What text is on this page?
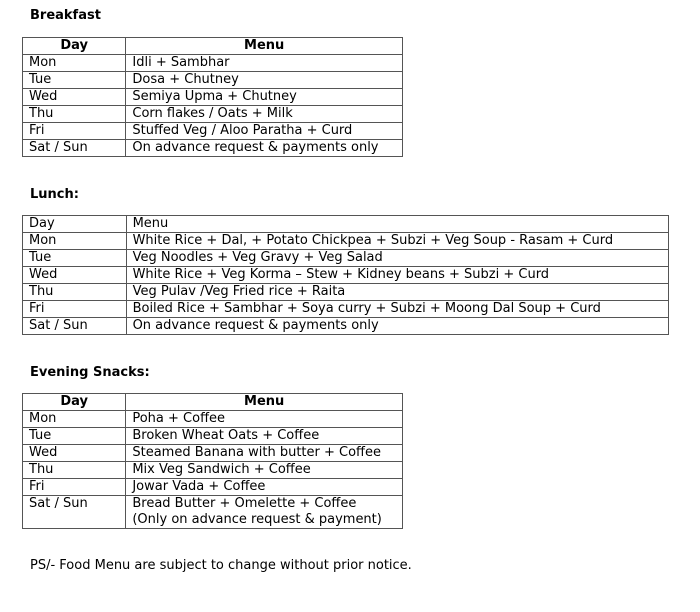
Breakfast
Day	Menu
Mon	Idli + Sambhar
Tue	Dosa + Chutney
Wed	Semiya Upma + Chutney
Thu	Corn flakes / Oats + Milk
Fri	Stuffed Veg / Aloo Paratha + Curd
Sat / Sun	On advance request & payments only
Lunch:
Day	Menu
Mon	White Rice + Dal, + Potato Chickpea + Subzi + Veg Soup - Rasam + Curd
Tue	Veg Noodles + Veg Gravy + Veg Salad
Wed	White Rice + Veg Korma – Stew + Kidney beans + Subzi + Curd
Thu	Veg Pulav /Veg Fried rice + Raita
Fri	Boiled Rice + Sambhar + Soya curry + Subzi + Moong Dal Soup + Curd
Sat / Sun	On advance request & payments only
Evening Snacks:
Day	Menu
Mon	Poha + Coffee
Tue	Broken Wheat Oats + Coffee
Wed	Steamed Banana with butter + Coffee
Thu	Mix Veg Sandwich + Coffee
Fri	Jowar Vada + Coffee
Sat / Sun	Bread Butter + Omelette + Coffee
(Only on advance request & payment)
PS/- Food Menu are subject to change without prior notice.
